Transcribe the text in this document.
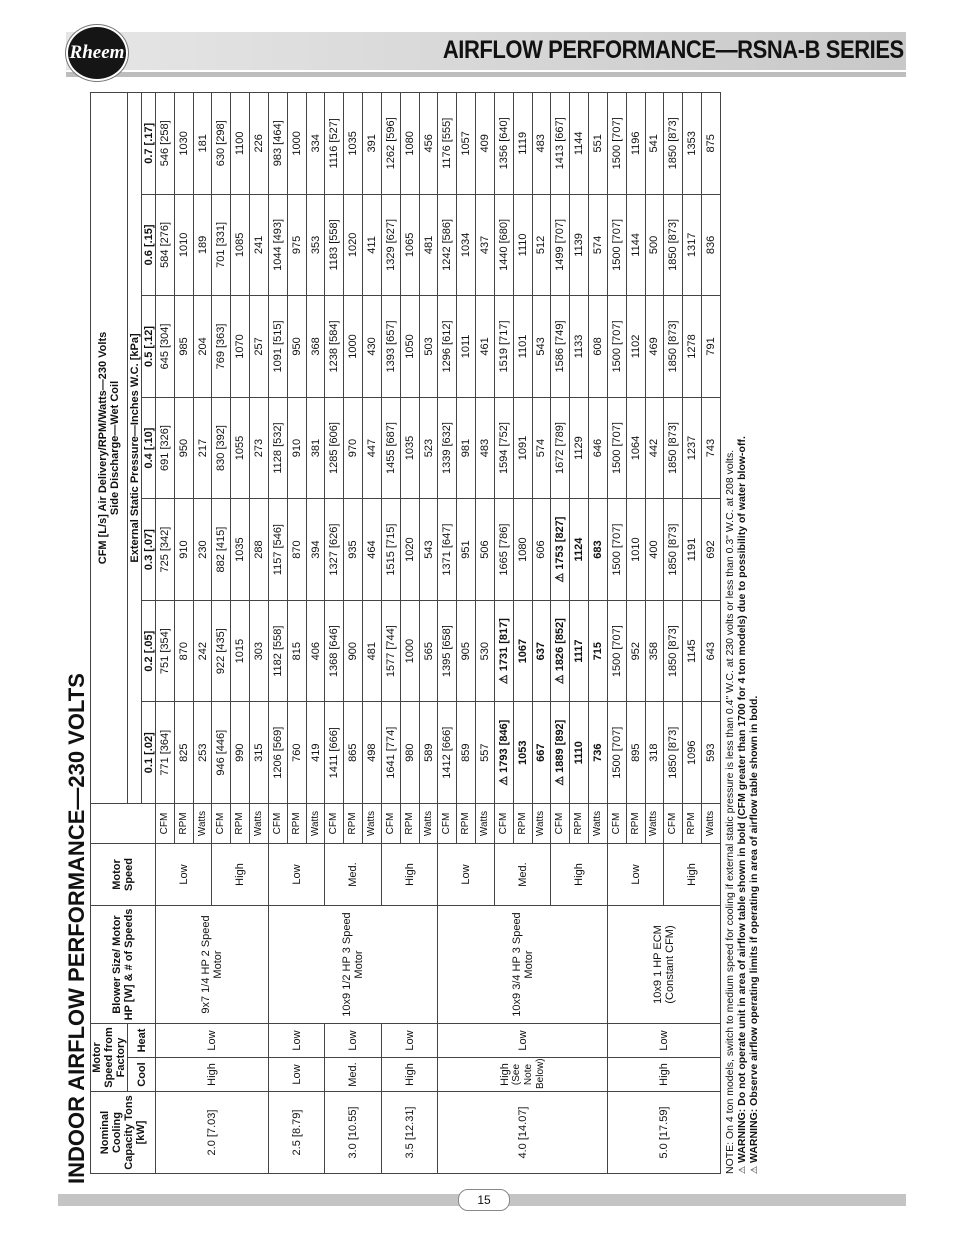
Rheem	AIRFLOW PERFORMANCE—RSNA-B SERIES
INDOOR AIRFLOW PERFORMANCE—230 VOLTS Nominal Cooling Capacity Tons [kW]	Motor Speed from Factory		Blower Size/ Motor HP [W] & # of Speeds	Motor Speed		CFM [L/s] Air Delivery/RPM/Watts—230 Volts Side Discharge—Wet Coil						

	Cool	Heat				External Static Pressure—Inches W.C. [kPa]						
						0.1 [.02]	0.2 [.05]	0.3 [.07]	0.4 [.10]	0.5 [.12]	0.6 [.15]	0.7 [.17]
2.0 [7.03]	High	Low	9x7 1/4 HP 2 Speed Motor	Low	CFM	771 [364]	751 [354]	725 [342]	691 [326]	645 [304]	584 [276]	546 [258]
					RPM	825	870	910	950	985	1010	1030
					Watts	253	242	230	217	204	189	181
				High	CFM	946 [446]	922 [435]	882 [415]	830 [392]	769 [363]	701 [331]	630 [298]
					RPM	990	1015	1035	1055	1070	1085	1100
					Watts	315	303	288	273	257	241	226
2.5 [8.79]	Low	Low	10x9 1/2 HP 3 Speed Motor	Low	CFM	1206 [569]	1182 [558]	1157 [546]	1128 [532]	1091 [515]	1044 [493]	983 [464]
					RPM	760	815	870	910	950	975	1000
					Watts	419	406	394	381	368	353	334
3.0 [10.55]	Med.	Low		Med.	CFM	1411 [666]	1368 [646]	1327 [626]	1285 [606]	1238 [584]	1183 [558]	1116 [527]
					RPM	865	900	935	970	1000	1020	1035
					Watts	498	481	464	447	430	411	391
3.5 [12.31]	High	Low		High	CFM	1641 [774]	1577 [744]	1515 [715]	1455 [687]	1393 [657]	1329 [627]	1262 [596]
					RPM	980	1000	1020	1035	1050	1065	1080
					Watts	589	565	543	523	503	481	456
4.0 [14.07]	High (See Note Below)	Low	10x9 3/4 HP 3 Speed Motor	Low	CFM	1412 [666]	1395 [658]	1371 [647]	1339 [632]	1296 [612]	1242 [586]	1176 [555]
					RPM	859	905	951	981	1011	1034	1057
					Watts	557	530	506	483	461	437	409
				Med.	CFM	⚠ 1793 [846]	⚠ 1731 [817]	1665 [786]	1594 [752]	1519 [717]	1440 [680]	1356 [640]
					RPM	1053	1067	1080	1091	1101	1110	1119
					Watts	667	637	606	574	543	512	483
				High	CFM	⚠ 1889 [892]	⚠ 1826 [852]	⚠ 1753 [827]	1672 [789]	1586 [749]	1499 [707]	1413 [667]
					RPM	1110	1117	1124	1129	1133	1139	1144
					Watts	736	715	683	646	608	574	551
5.0 [17.59]	High	Low	10x9 1 HP ECM (Constant CFM)	Low	CFM	1500 [707]	1500 [707]	1500 [707]	1500 [707]	1500 [707]	1500 [707]	1500 [707]
					RPM	895	952	1010	1064	1102	1144	1196
					Watts	318	358	400	442	469	500	541
				High	CFM	1850 [873]	1850 [873]	1850 [873]	1850 [873]	1850 [873]	1850 [873]	1850 [873]
					RPM	1096	1145	1191	1237	1278	1317	1353
					Watts	593	643	692	743	791	836	875
NOTE: On 4 ton models, switch to medium speed for cooling if external static pressure is less than 0.4" W.C. at 230 volts or less than 0.3" W.C. at 208 volts. ⚠ WARNING: Do not operate unit in area of airflow table shown in bold (CFM greater than 1700 for 4 ton models) due to possibility of water blow-off.
⚠ WARNING: Observe airflow operating limits if operating in area of airflow table shown in bold.
15
